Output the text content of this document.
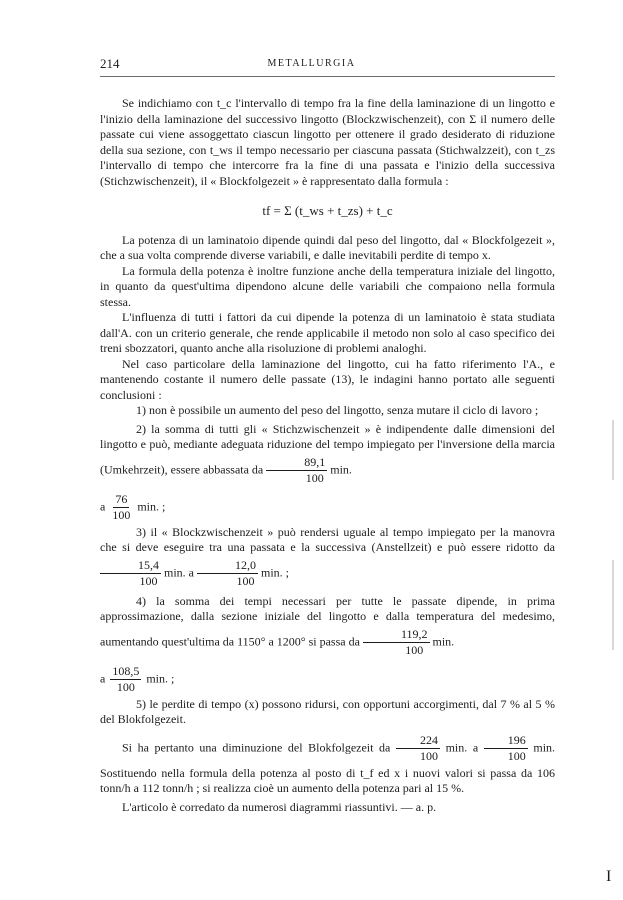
214	METALLURGIA

Se indichiamo con t_c l'intervallo di tempo fra la fine della laminazione di un lingotto e l'inizio della laminazione del successivo lingotto (Blockzwischenzeit), con Σ il numero delle passate cui viene assoggettato ciascun lingotto per ottenere il grado desiderato di riduzione della sua sezione, con t_ws il tempo necessario per ciascuna passata (Stichwalzzeit), con t_zs l'intervallo di tempo che intercorre fra la fine di una passata e l'inizio della successiva (Stichzwischenzeit), il « Blockfolgezeit » è rappresentato dalla formula :

tf = Σ (t_ws + t_zs) + t_c

La potenza di un laminatoio dipende quindi dal peso del lingotto, dal « Blockfolgezeit », che a sua volta comprende diverse variabili, e dalle inevitabili perdite di tempo x.

La formula della potenza è inoltre funzione anche della temperatura iniziale del lingotto, in quanto da quest'ultima dipendono alcune delle variabili che compaiono nella formula stessa.

L'influenza di tutti i fattori da cui dipende la potenza di un laminatoio è stata studiata dall'A. con un criterio generale, che rende applicabile il metodo non solo al caso specifico dei treni sbozzatori, quanto anche alla risoluzione di problemi analoghi.

Nel caso particolare della laminazione del lingotto, cui ha fatto riferimento l'A., e mantenendo costante il numero delle passate (13), le indagini hanno portato alle seguenti conclusioni :

1) non è possibile un aumento del peso del lingotto, senza mutare il ciclo di lavoro ;

2) la somma di tutti gli « Stichzwischenzeit » è indipendente dalle dimensioni del lingotto e può, mediante adeguata riduzione del tempo impiegato per l'inversione della marcia (Umkehrzeit), essere abbassata da $\frac{89,1}{100} \min$.

a $\frac{76}{100} \min$. ;

3) il « Blockzwischenzeit » può rendersi uguale al tempo impiegato per la manovra che si deve eseguire tra una passata e la successiva (Anstellzeit) e può essere ridotto da
$\frac{15,4}{100} \min$. a $\frac{12,0}{100} \min$. ;

4) la somma dei tempi necessari per tutte le passate dipende, in prima approssimazione, dalla sezione iniziale del lingotto e dalla temperatura del medesimo, aumentando quest'ultima da 1150° a 1200° si passa da $\frac{119,2}{100} \min$.

a $\frac{108,5}{100} \min$. ;

5) le perdite di tempo (x) possono ridursi, con opportuni accorgimenti, dal 7 % al 5 % del Blokfolgezeit.

Si ha pertanto una diminuzione del Blokfolgezeit da $\frac{224}{100} \min$. a $\frac{196}{100} \min$. Sostituendo nella formula della potenza al posto di t_f ed x i nuovi valori si passa da 106 tonn/h a 112 tonn/h ; si realizza cioè un aumento della potenza pari al 15 %.

L'articolo è corredato da numerosi diagrammi riassuntivi. — a. p.

I
